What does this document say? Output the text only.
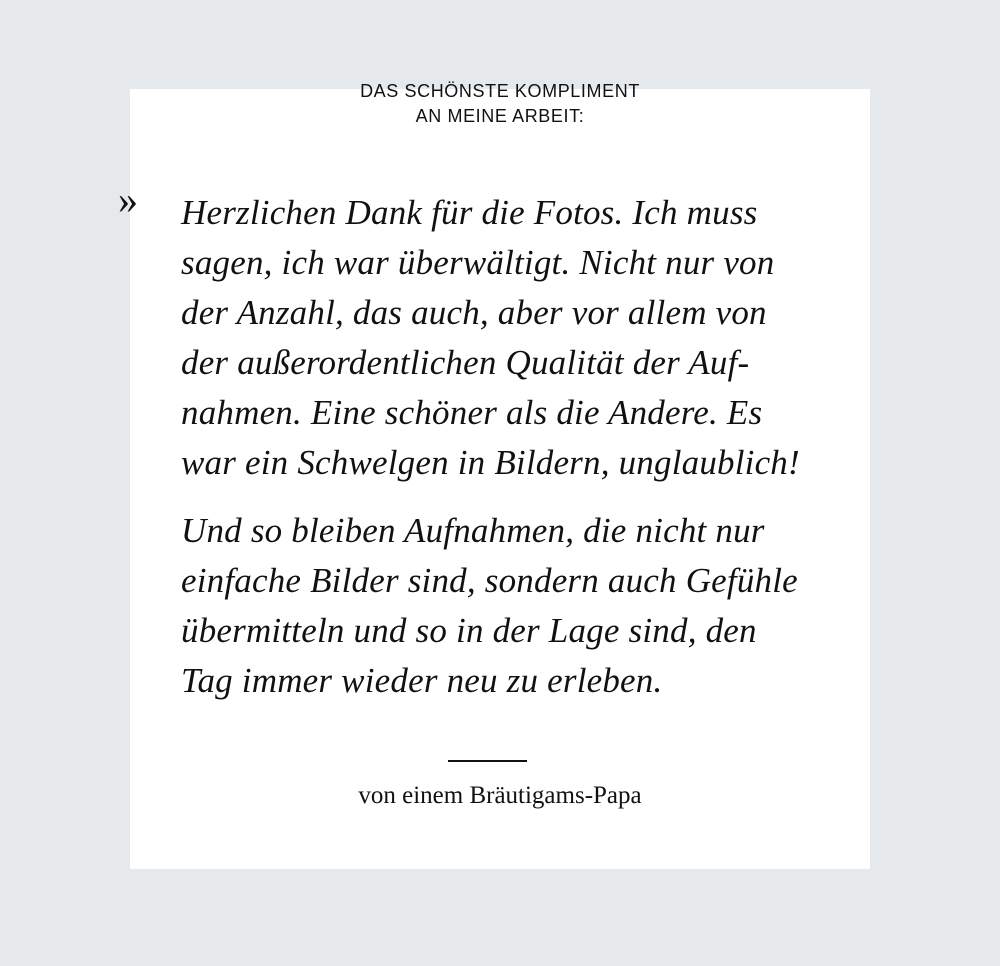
DAS SCHÖNSTE KOMPLIMENT
AN MEINE ARBEIT:
» Herzlichen Dank für die Fotos. Ich muss
sagen, ich war überwältigt. Nicht nur von
der Anzahl, das auch, aber vor allem von
der außerordentlichen Qualität der Auf-
nahmen. Eine schöner als die Andere. Es
war ein Schwelgen in Bildern, unglaublich!

Und so bleiben Aufnahmen, die nicht nur
einfache Bilder sind, sondern auch Gefühle
übermitteln und so in der Lage sind, den
Tag immer wieder neu zu erleben.

von einem Bräutigams-Papa
